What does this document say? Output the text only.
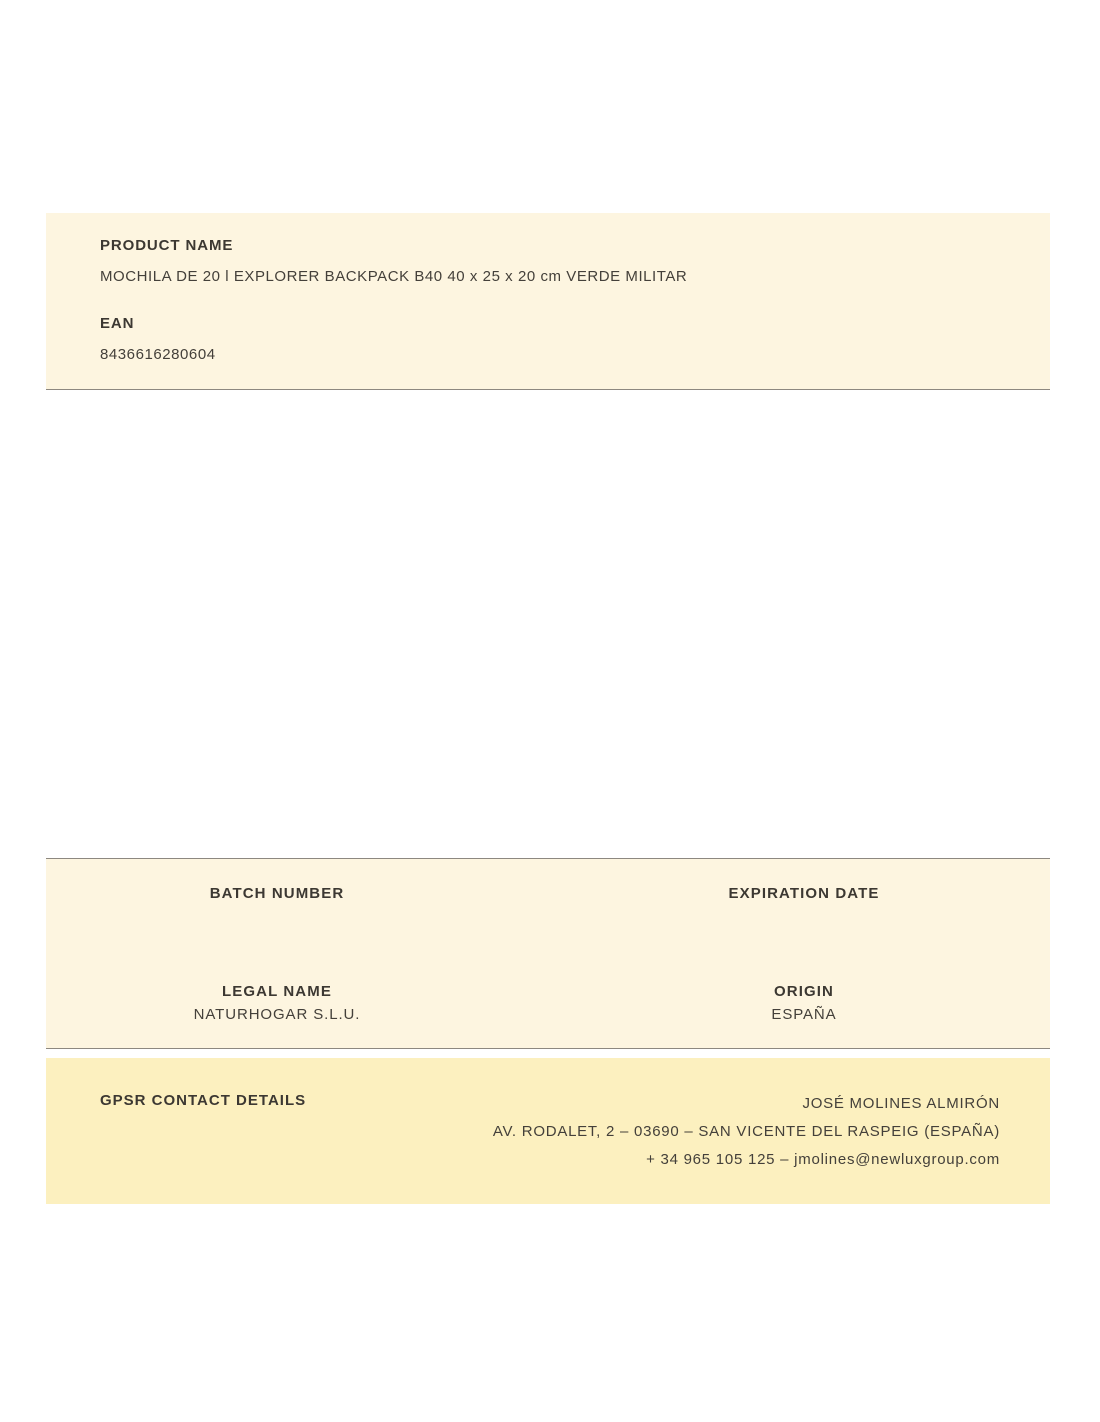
PRODUCT NAME

MOCHILA DE 20 l EXPLORER BACKPACK B40 40 x 25 x 20 cm VERDE MILITAR

EAN

8436616280604

BATCH NUMBER	EXPIRATION DATE

LEGAL NAME

NATURHOGAR S.L.U.

ORIGIN

ESPAÑA

GPSR CONTACT DETAILS	JOSÉ MOLINES ALMIRÓN
AV. RODALET, 2 – 03690 – SAN VICENTE DEL RASPEIG (ESPAÑA)
+ 34 965 105 125 – jmolines@newluxgroup.com
